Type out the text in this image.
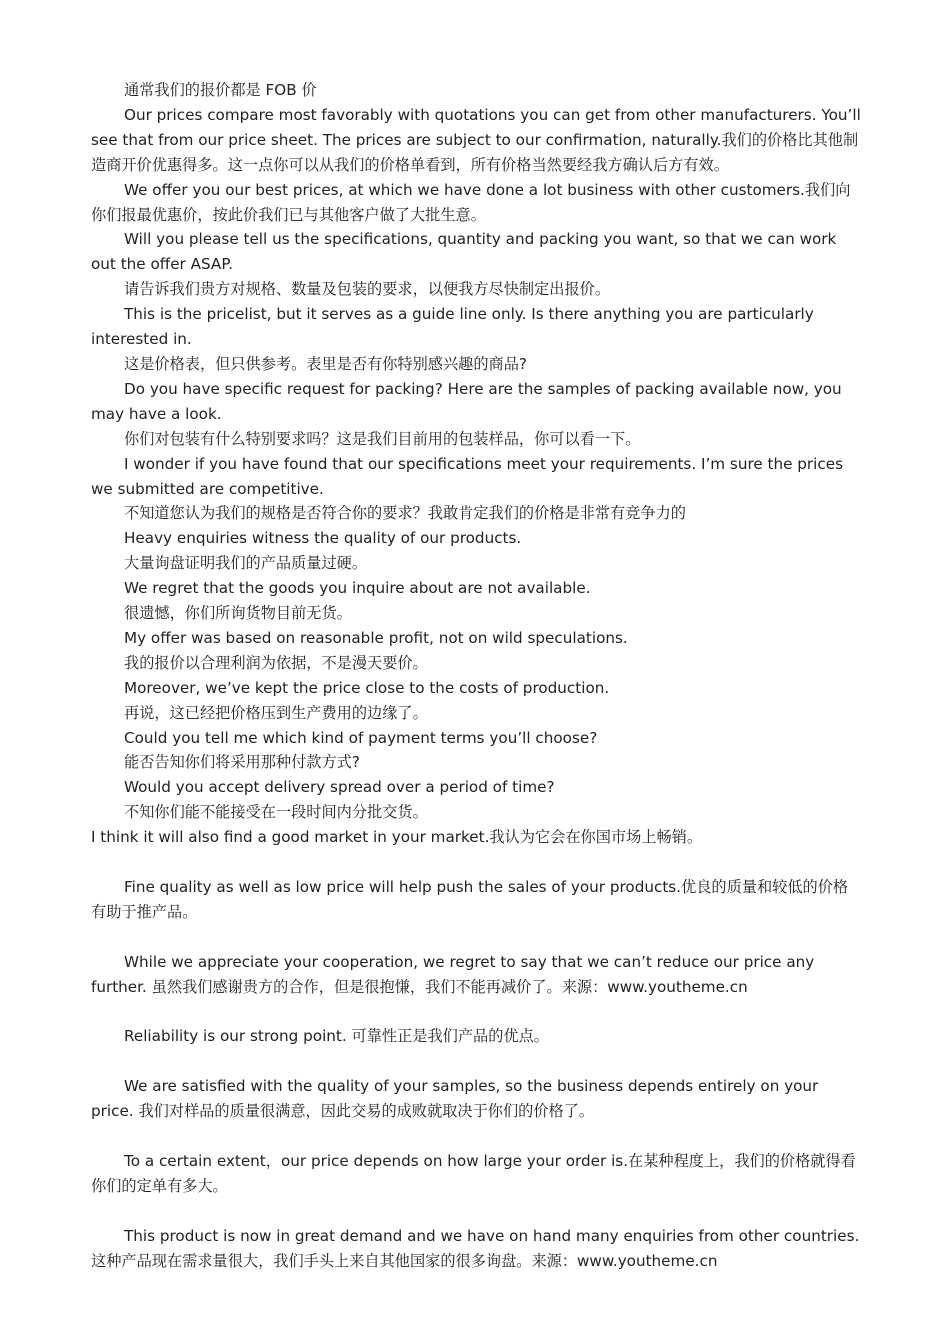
通常我们的报价都是 FOB 价

Our prices compare most favorably with quotations you can get from other manufacturers. You’ll see that from our price sheet. The prices are subject to our confirmation, naturally.我们的价格比其他制造商开价优惠得多。这一点你可以从我们的价格单看到，所有价格当然要经我方确认后方有效。

We offer you our best prices, at which we have done a lot business with other customers.我们向你们报最优惠价，按此价我们已与其他客户做了大批生意。

Will you please tell us the specifications, quantity and packing you want, so that we can work out the offer ASAP.

请告诉我们贵方对规格、数量及包装的要求，以便我方尽快制定出报价。

This is the pricelist, but it serves as a guide line only. Is there anything you are particularly interested in.

这是价格表，但只供参考。表里是否有你特别感兴趣的商品?

Do you have specific request for packing? Here are the samples of packing available now, you may have a look.

你们对包装有什么特别要求吗？这是我们目前用的包装样品，你可以看一下。

I wonder if you have found that our specifications meet your requirements. I’m sure the prices we submitted are competitive.

不知道您认为我们的规格是否符合你的要求？我敢肯定我们的价格是非常有竞争力的

Heavy enquiries witness the quality of our products.

大量询盘证明我们的产品质量过硬。

We regret that the goods you inquire about are not available.

很遗憾，你们所询货物目前无货。

My offer was based on reasonable profit, not on wild speculations.

我的报价以合理利润为依据，不是漫天要价。

Moreover, we’ve kept the price close to the costs of production.

再说，这已经把价格压到生产费用的边缘了。

Could you tell me which kind of payment terms you’ll choose?

能否告知你们将采用那种付款方式?

Would you accept delivery spread over a period of time?

不知你们能不能接受在一段时间内分批交货。

I think it will also find a good market in your market.我认为它会在你国市场上畅销。

Fine quality as well as low price will help push the sales of your products.优良的质量和较低的价格有助于推产品。

While we appreciate your cooperation, we regret to say that we can’t reduce our price any further. 虽然我们感谢贵方的合作，但是很抱慊，我们不能再减价了。来源：www.youtheme.cn

Reliability is our strong point. 可靠性正是我们产品的优点。

We are satisfied with the quality of your samples, so the business depends entirely on your price. 我们对样品的质量很满意，因此交易的成败就取决于你们的价格了。

To a certain extent，our price depends on how large your order is.在某种程度上，我们的价格就得看你们的定单有多大。

This product is now in great demand and we have on hand many enquiries from other countries.这种产品现在需求量很大，我们手头上来自其他国家的很多询盘。来源：www.youtheme.cn
